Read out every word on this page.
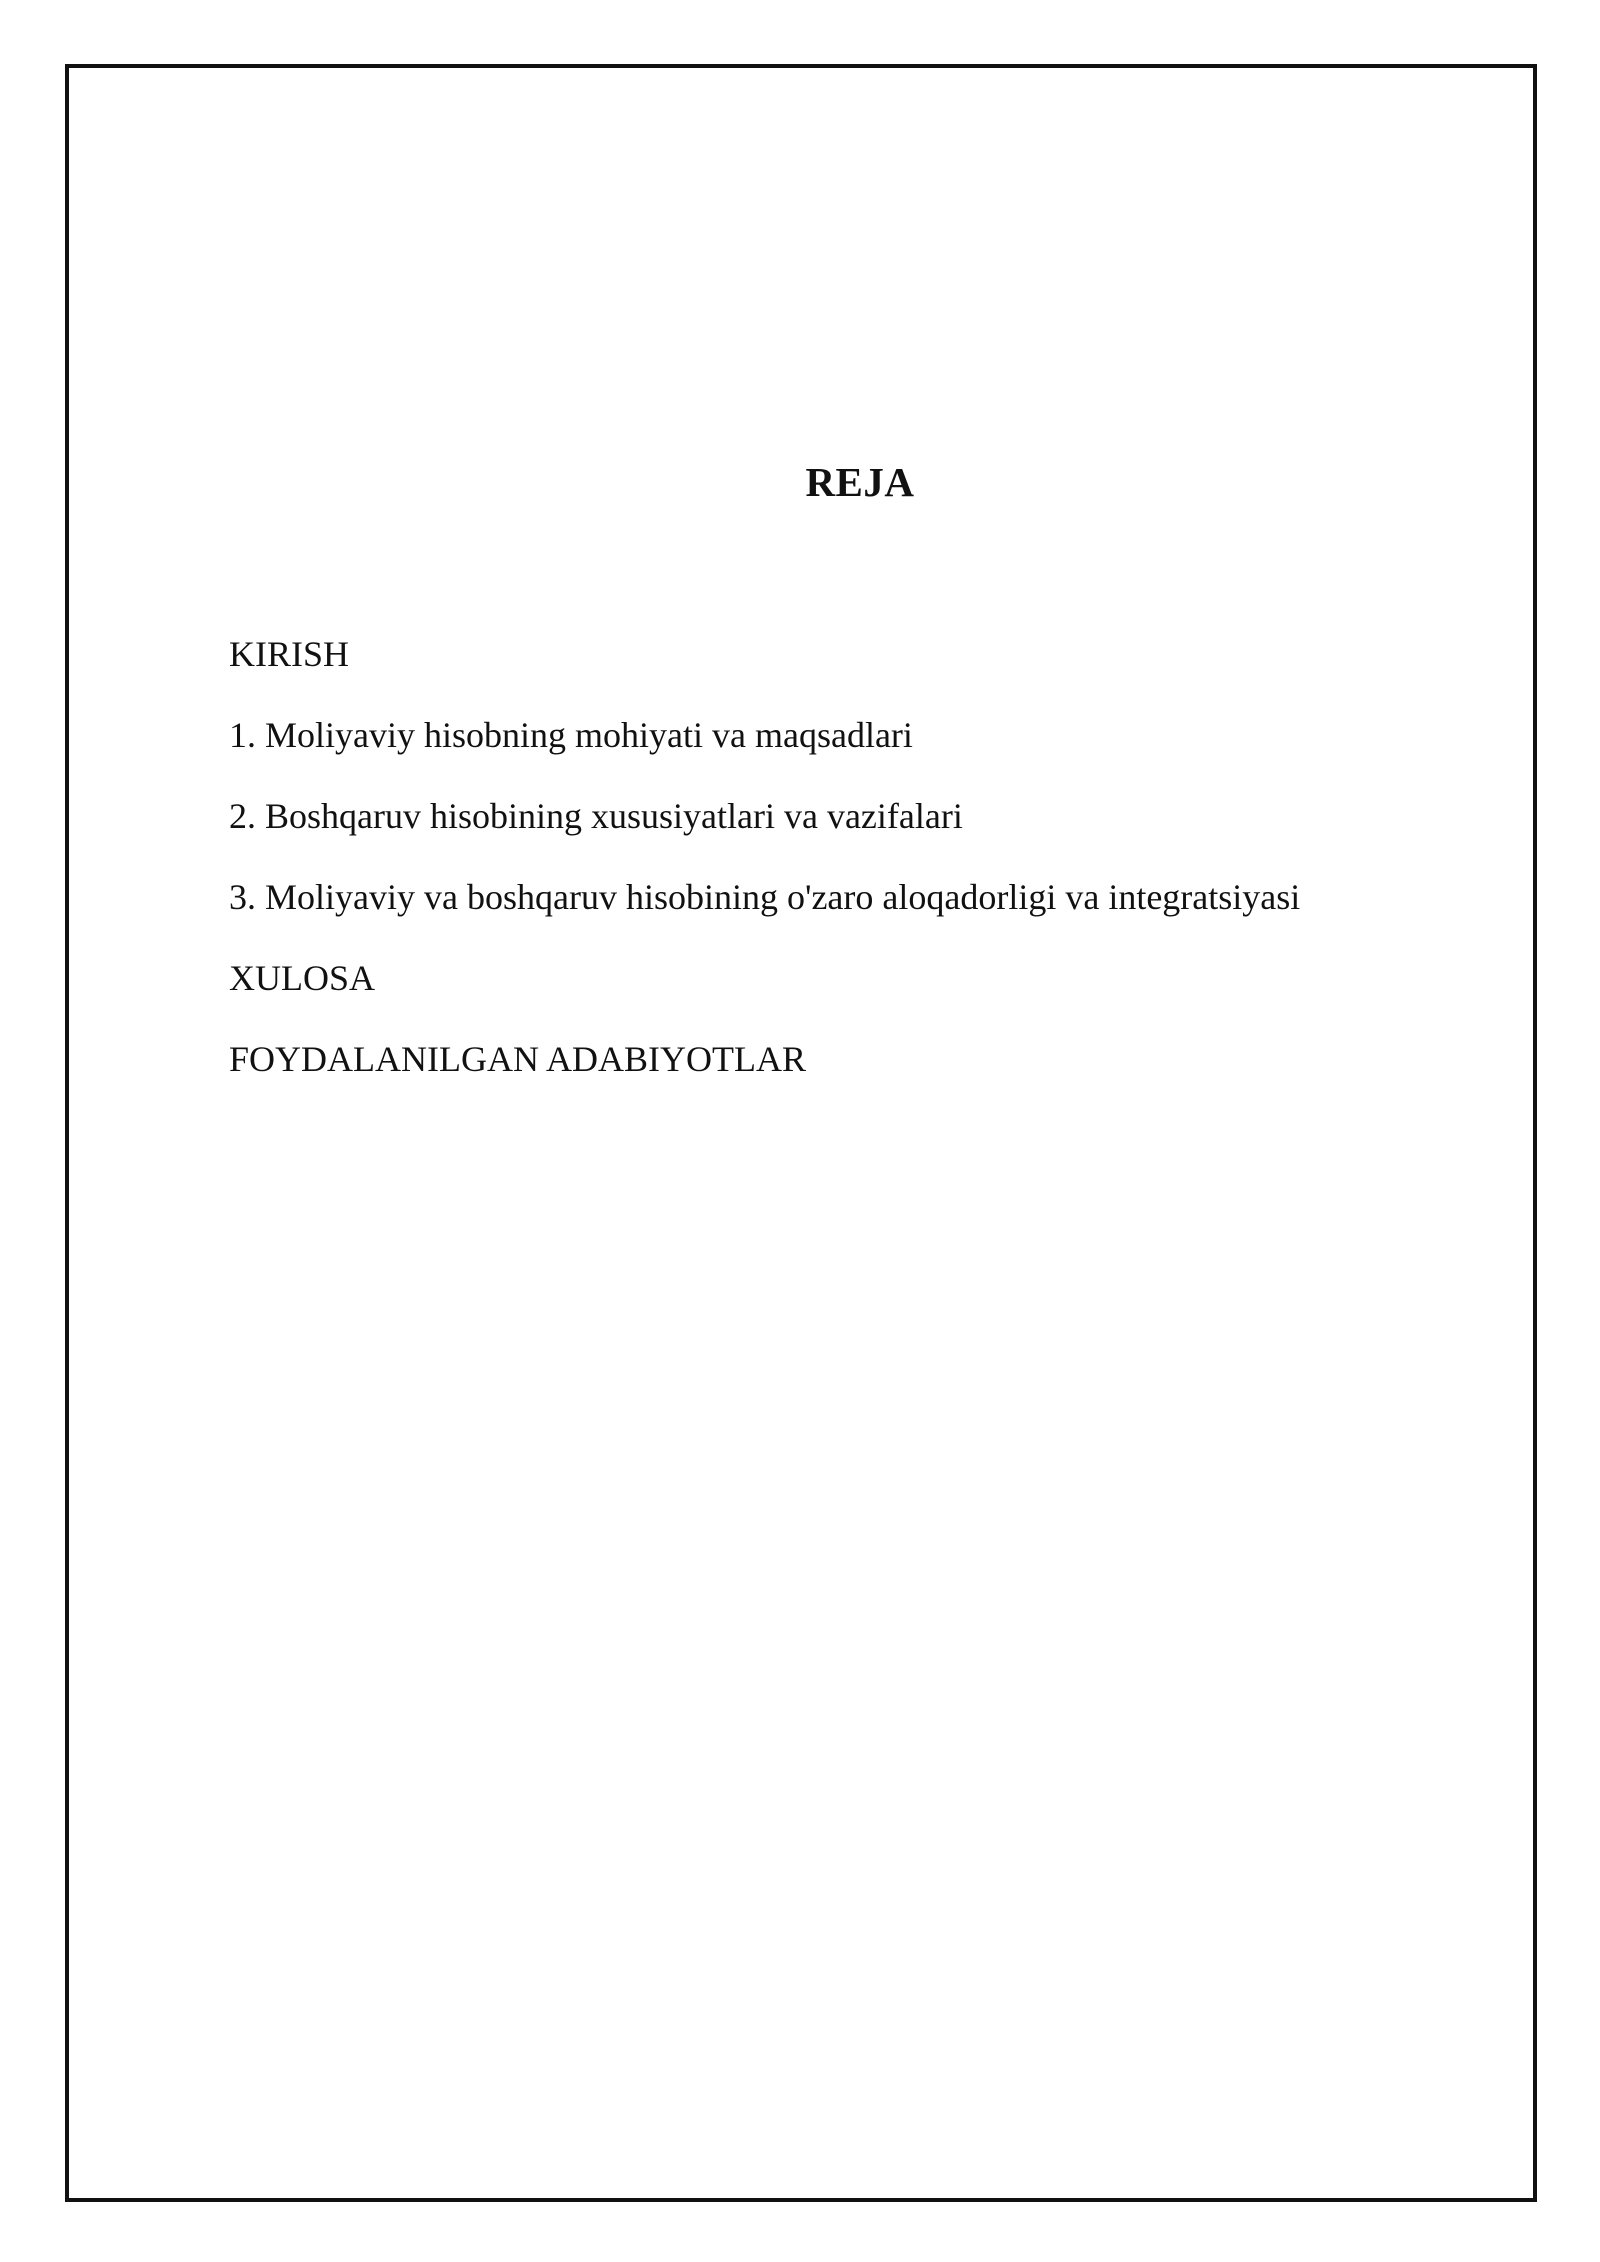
REJA
KIRISH
1. Moliyaviy hisobning mohiyati va maqsadlari
2. Boshqaruv hisobining xususiyatlari va vazifalari
3. Moliyaviy va boshqaruv hisobining o'zaro aloqadorligi va integratsiyasi
XULOSA
FOYDALANILGAN ADABIYOTLAR
